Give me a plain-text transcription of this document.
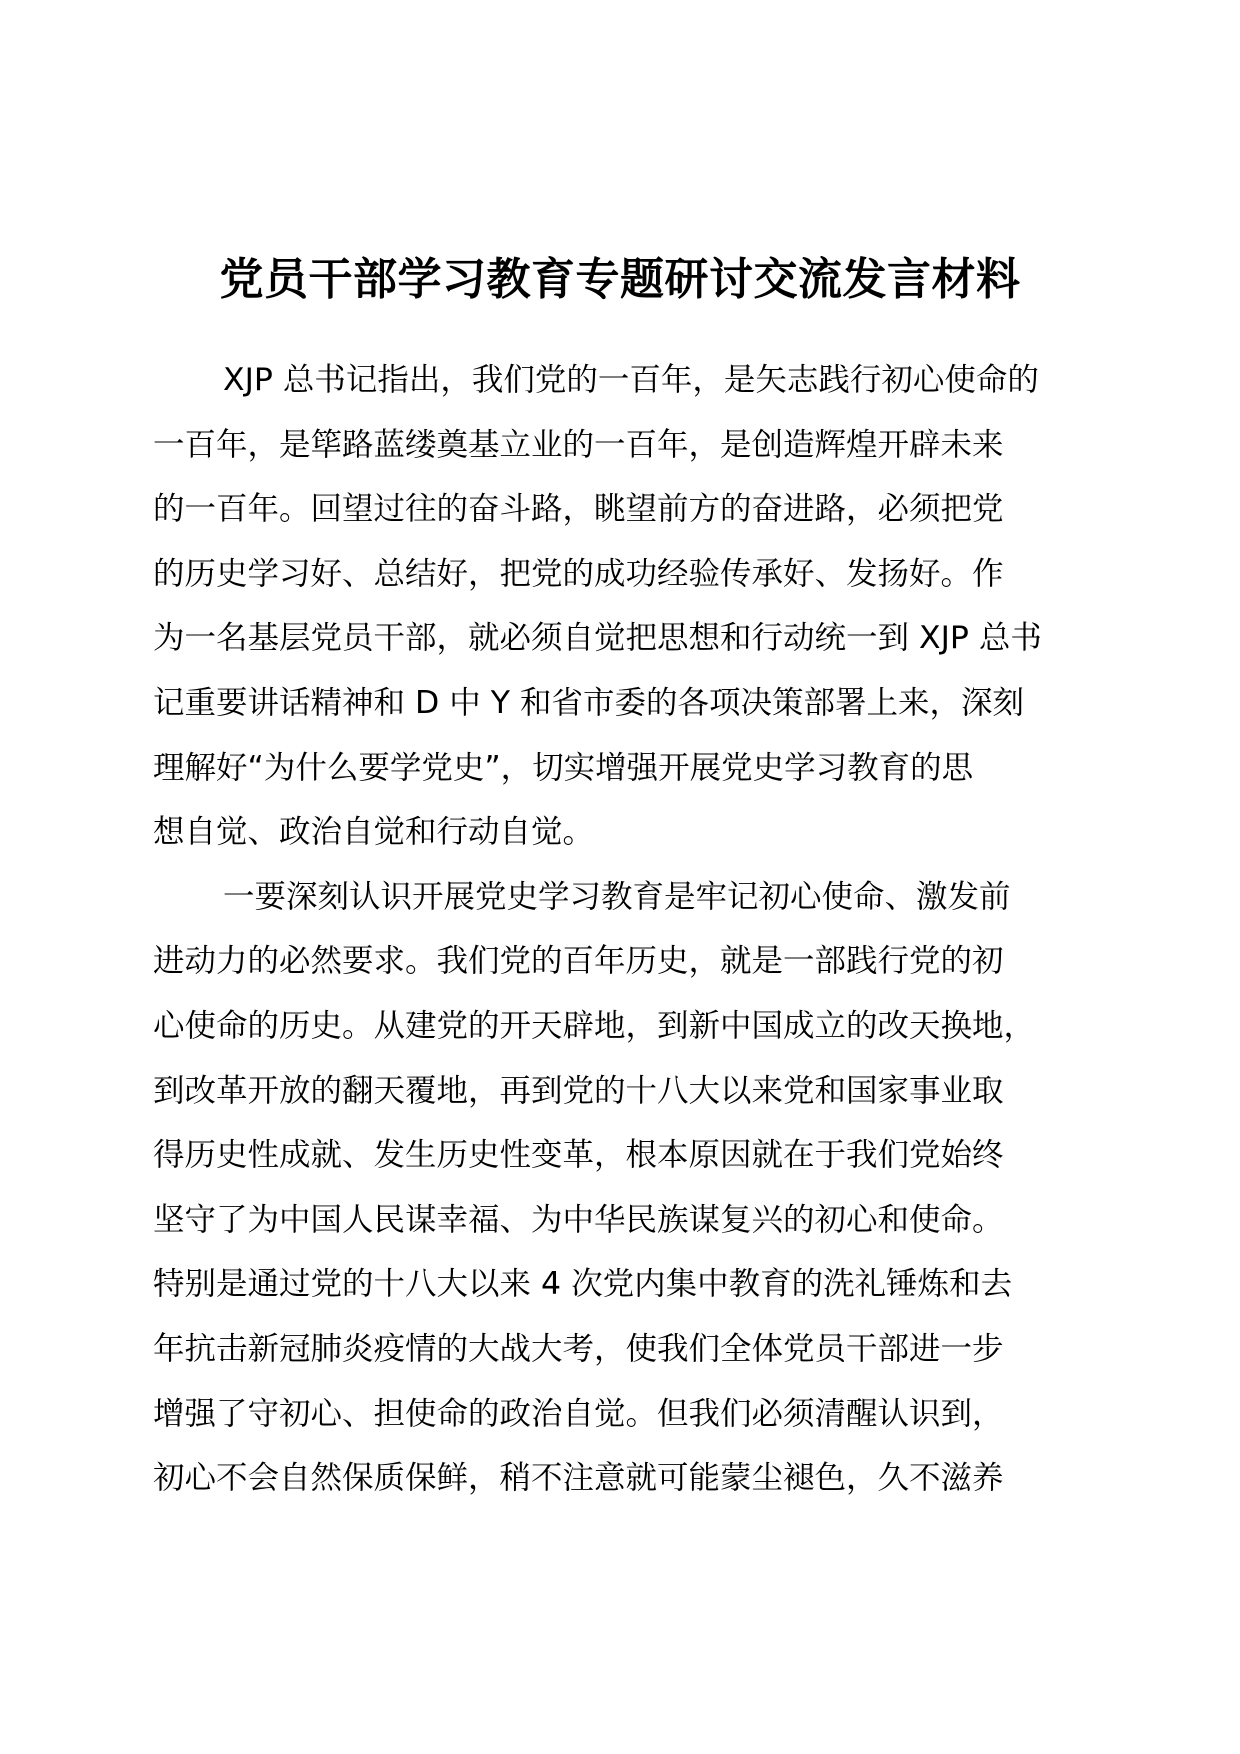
党员干部学习教育专题研讨交流发言材料

XJP 总书记指出，我们党的一百年，是矢志践行初心使命的

一百年，是筚路蓝缕奠基立业的一百年，是创造辉煌开辟未来

的一百年。回望过往的奋斗路，眺望前方的奋进路，必须把党

的历史学习好、总结好，把党的成功经验传承好、发扬好。作

为一名基层党员干部，就必须自觉把思想和行动统一到 XJP 总书

记重要讲话精神和 D 中 Y 和省市委的各项决策部署上来，深刻

理解好“为什么要学党史”，切实增强开展党史学习教育的思

想自觉、政治自觉和行动自觉。

一要深刻认识开展党史学习教育是牢记初心使命、激发前

进动力的必然要求。我们党的百年历史，就是一部践行党的初

心使命的历史。从建党的开天辟地，到新中国成立的改天换地，

到改革开放的翻天覆地，再到党的十八大以来党和国家事业取

得历史性成就、发生历史性变革，根本原因就在于我们党始终

坚守了为中国人民谋幸福、为中华民族谋复兴的初心和使命。

特别是通过党的十八大以来 4 次党内集中教育的洗礼锤炼和去

年抗击新冠肺炎疫情的大战大考，使我们全体党员干部进一步

增强了守初心、担使命的政治自觉。但我们必须清醒认识到，

初心不会自然保质保鲜，稍不注意就可能蒙尘褪色，久不滋养
